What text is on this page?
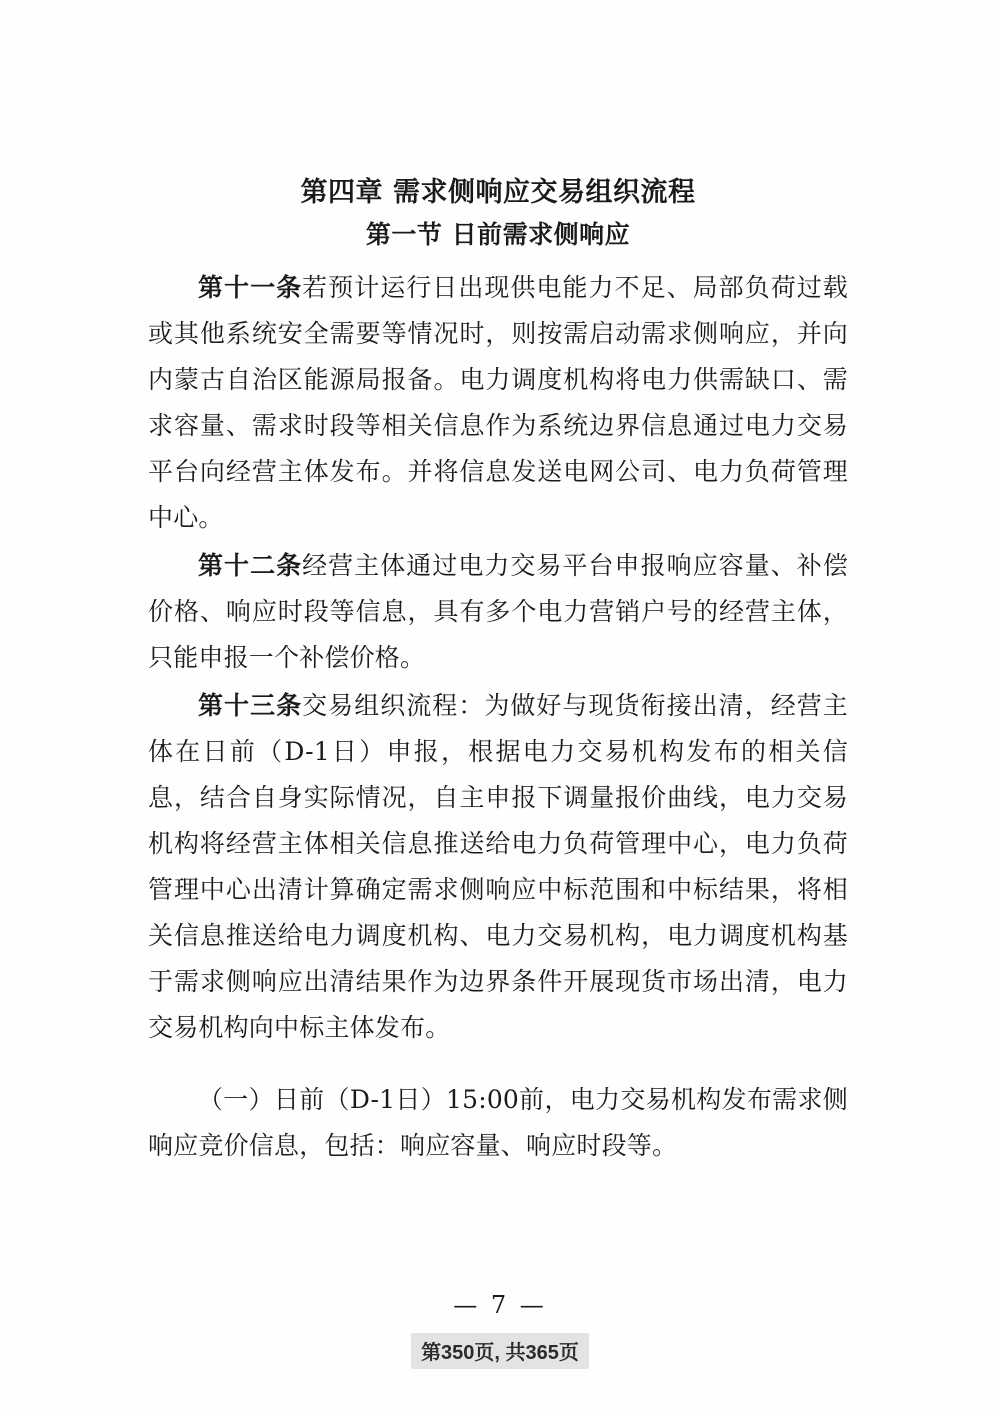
第四章 需求侧响应交易组织流程
第一节 日前需求侧响应

第十一条若预计运行日出现供电能力不足、局部负荷过载或其他系统安全需要等情况时，则按需启动需求侧响应，并向内蒙古自治区能源局报备。电力调度机构将电力供需缺口、需求容量、需求时段等相关信息作为系统边界信息通过电力交易平台向经营主体发布。并将信息发送电网公司、电力负荷管理中心。

第十二条经营主体通过电力交易平台申报响应容量、补偿价格、响应时段等信息，具有多个电力营销户号的经营主体，只能申报一个补偿价格。

第十三条交易组织流程：为做好与现货衔接出清，经营主体在日前（D-1日）申报，根据电力交易机构发布的相关信息，结合自身实际情况，自主申报下调量报价曲线，电力交易机构将经营主体相关信息推送给电力负荷管理中心，电力负荷管理中心出清计算确定需求侧响应中标范围和中标结果，将相关信息推送给电力调度机构、电力交易机构，电力调度机构基于需求侧响应出清结果作为边界条件开展现货市场出清，电力交易机构向中标主体发布。

（一）日前（D-1日）15:00前，电力交易机构发布需求侧响应竞价信息，包括：响应容量、响应时段等。

— 7 —
第350页, 共365页
